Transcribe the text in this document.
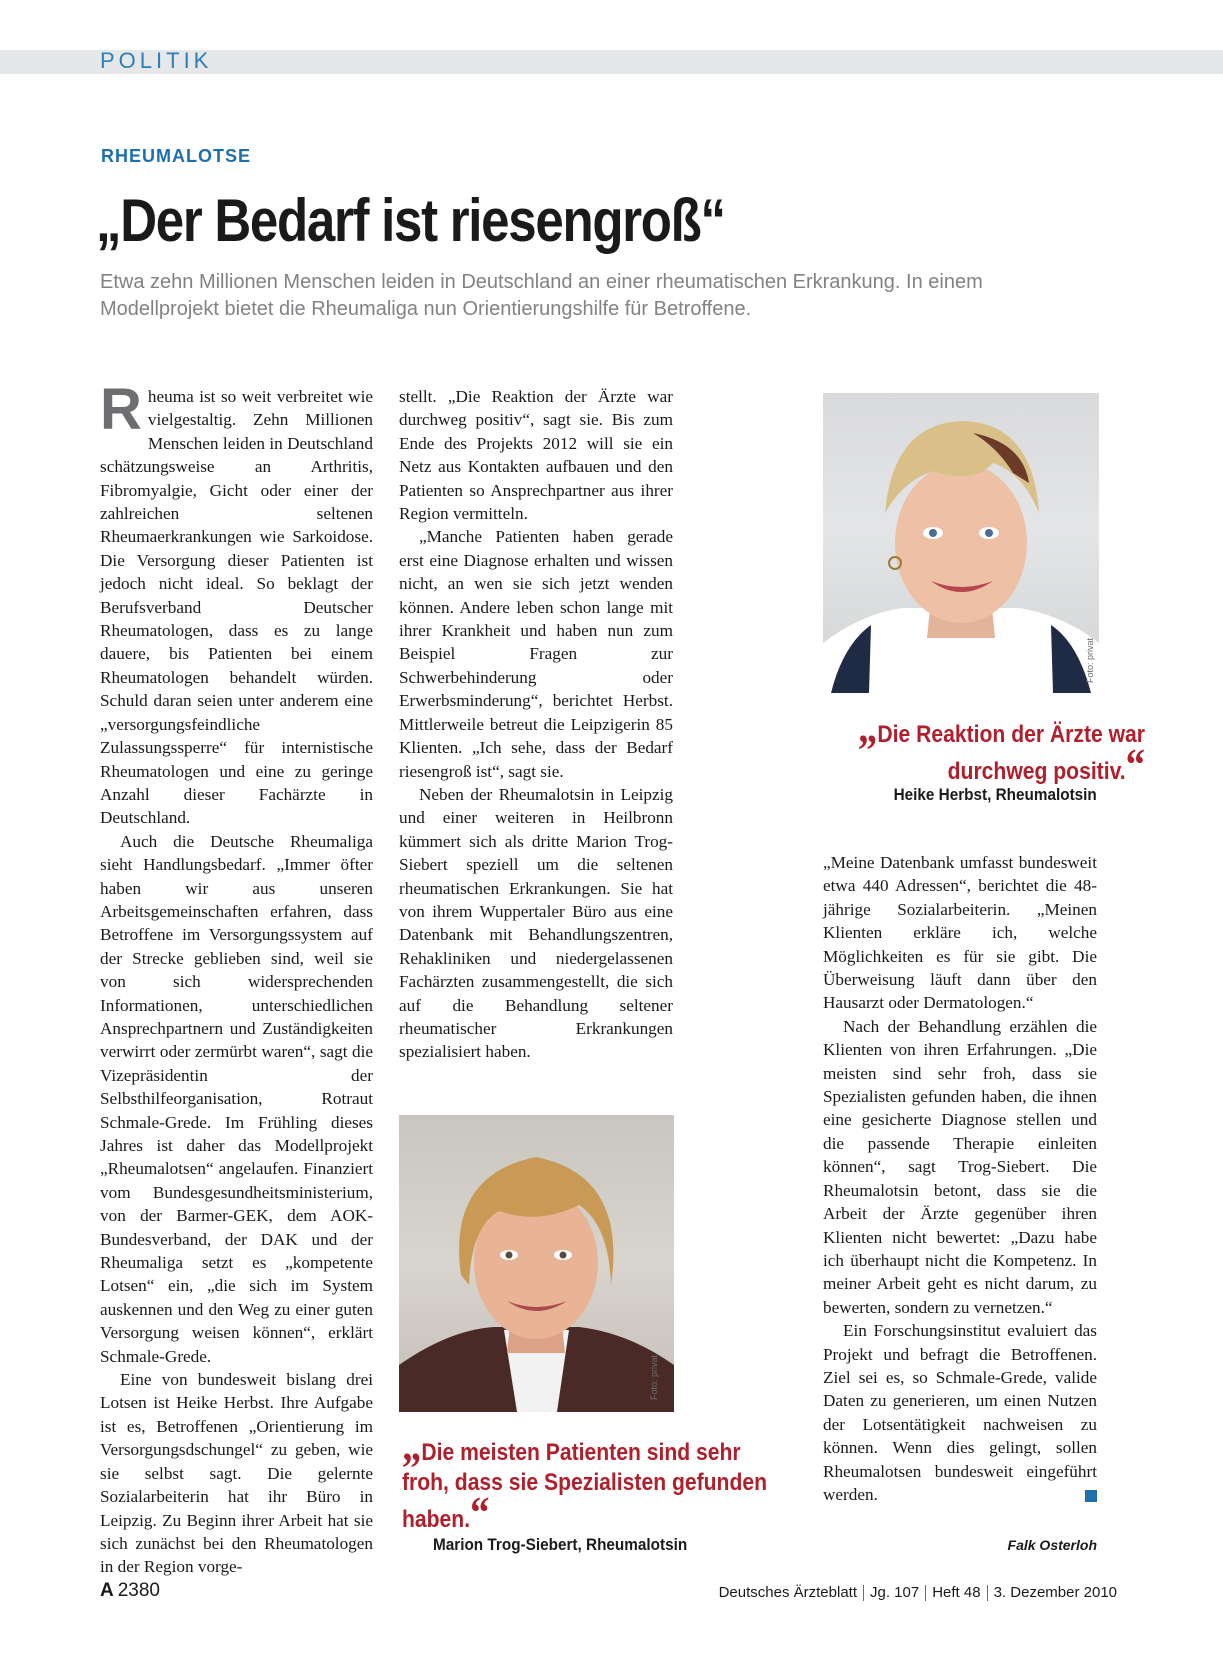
POLITIK
RHEUMALOTSE
„Der Bedarf ist riesengroß“
Etwa zehn Millionen Menschen leiden in Deutschland an einer rheumatischen Erkrankung. In einem Modellprojekt bietet die Rheumaliga nun Orientierungshilfe für Betroffene.

Rheuma ist so weit verbreitet wie vielgestaltig. Zehn Millionen Menschen leiden in Deutschland schätzungsweise an Arthritis, Fibromyalgie, Gicht oder einer der zahlreichen seltenen Rheumaerkrankungen wie Sarkoidose. Die Versorgung dieser Patienten ist jedoch nicht ideal. So beklagt der Berufsverband Deutscher Rheumatologen, dass es zu lange dauere, bis Patienten bei einem Rheumatologen behandelt würden. Schuld daran seien unter anderem eine „versorgungsfeindliche Zulassungssperre“ für internistische Rheumatologen und eine zu geringe Anzahl dieser Fachärzte in Deutschland.

Auch die Deutsche Rheumaliga sieht Handlungsbedarf. „Immer öfter haben wir aus unseren Arbeitsgemeinschaften erfahren, dass Betroffene im Versorgungssystem auf der Strecke geblieben sind, weil sie von sich widersprechenden Informationen, unterschiedlichen Ansprechpartnern und Zuständigkeiten verwirrt oder zermürbt waren“, sagt die Vizepräsidentin der Selbsthilfeorganisation, Rotraut Schmale-Grede. Im Frühling dieses Jahres ist daher das Modellprojekt „Rheumalotsen“ angelaufen. Finanziert vom Bundesgesundheitsministerium, von der Barmer-GEK, dem AOK-Bundesverband, der DAK und der Rheumaliga setzt es „kompetente Lotsen“ ein, „die sich im System auskennen und den Weg zu einer guten Versorgung weisen können“, erklärt Schmale-Grede.

Eine von bundesweit bislang drei Lotsen ist Heike Herbst. Ihre Aufgabe ist es, Betroffenen „Orientierung im Versorgungsdschungel“ zu geben, wie sie selbst sagt. Die gelernte Sozialarbeiterin hat ihr Büro in Leipzig. Zu Beginn ihrer Arbeit hat sie sich zunächst bei den Rheumatologen in der Region vorge-

stellt. „Die Reaktion der Ärzte war durchweg positiv“, sagt sie. Bis zum Ende des Projekts 2012 will sie ein Netz aus Kontakten aufbauen und den Patienten so Ansprechpartner aus ihrer Region vermitteln.

„Manche Patienten haben gerade erst eine Diagnose erhalten und wissen nicht, an wen sie sich jetzt wenden können. Andere leben schon lange mit ihrer Krankheit und haben nun zum Beispiel Fragen zur Schwerbehinderung oder Erwerbsminderung“, berichtet Herbst. Mittlerweile betreut die Leipzigerin 85 Klienten. „Ich sehe, dass der Bedarf riesengroß ist“, sagt sie.

Neben der Rheumalotsin in Leipzig und einer weiteren in Heilbronn kümmert sich als dritte Marion Trog-Siebert speziell um die seltenen rheumatischen Erkrankungen. Sie hat von ihrem Wuppertaler Büro aus eine Datenbank mit Behandlungszentren, Rehakliniken und niedergelassenen Fachärzten zusammengestellt, die sich auf die Behandlung seltener rheumatischer Erkrankungen spezialisiert haben.

Foto: privat
„Die Reaktion der Ärzte war durchweg positiv.“
Heike Herbst, Rheumalotsin

„Meine Datenbank umfasst bundesweit etwa 440 Adressen“, berichtet die 48-jährige Sozialarbeiterin. „Meinen Klienten erkläre ich, welche Möglichkeiten es für sie gibt. Die Überweisung läuft dann über den Hausarzt oder Dermatologen.“

Nach der Behandlung erzählen die Klienten von ihren Erfahrungen. „Die meisten sind sehr froh, dass sie Spezialisten gefunden haben, die ihnen eine gesicherte Diagnose stellen und die passende Therapie einleiten können“, sagt Trog-Siebert. Die Rheumalotsin betont, dass sie die Arbeit der Ärzte gegenüber ihren Klienten nicht bewertet: „Dazu habe ich überhaupt nicht die Kompetenz. In meiner Arbeit geht es nicht darum, zu bewerten, sondern zu vernetzen.“

Ein Forschungsinstitut evaluiert das Projekt und befragt die Betroffenen. Ziel sei es, so Schmale-Grede, valide Daten zu generieren, um einen Nutzen der Lotsentätigkeit nachweisen zu können. Wenn dies gelingt, sollen Rheumalotsen bundesweit eingeführt werden.

Falk Osterloh
Foto: privat
„Die meisten Patienten sind sehr froh, dass sie Spezialisten gefunden haben.“
Marion Trog-Siebert, Rheumalotsin
A 2380	Deutsches Ärzteblatt Jg. 107 Heft 48 3. Dezember 2010
